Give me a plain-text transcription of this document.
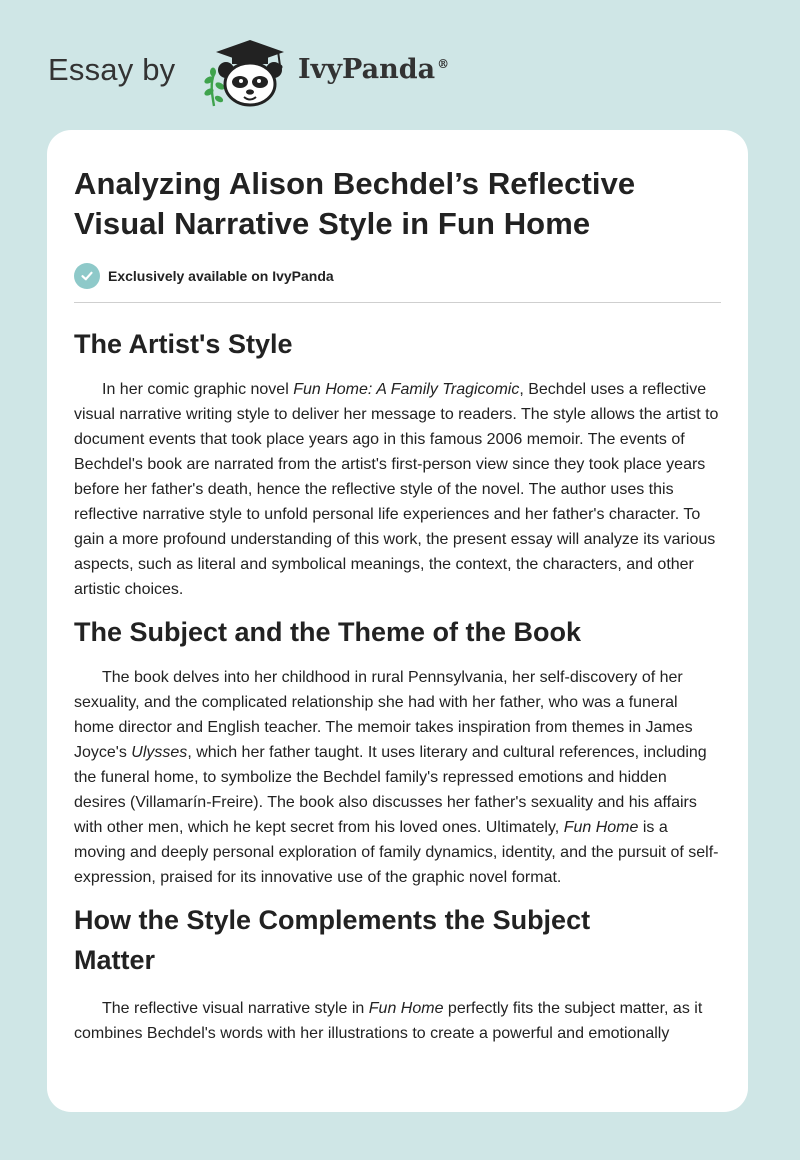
Essay by	IvyPanda ®
Analyzing Alison Bechdel’s Reflective
Visual Narrative Style in Fun Home
Exclusively available on IvyPanda
The Artist's Style

In her comic graphic novel Fun Home: A Family Tragicomic, Bechdel uses a reflective visual narrative writing style to deliver her message to readers. The style allows the artist to document events that took place years ago in this famous 2006 memoir. The events of Bechdel's book are narrated from the artist's first-person view since they took place years before her father's death, hence the reflective style of the novel. The author uses this reflective narrative style to unfold personal life experiences and her father's character. To gain a more profound understanding of this work, the present essay will analyze its various aspects, such as literal and symbolical meanings, the context, the characters, and other artistic choices.

The Subject and the Theme of the Book

The book delves into her childhood in rural Pennsylvania, her self-discovery of her sexuality, and the complicated relationship she had with her father, who was a funeral home director and English teacher. The memoir takes inspiration from themes in James Joyce's Ulysses, which her father taught. It uses literary and cultural references, including the funeral home, to symbolize the Bechdel family's repressed emotions and hidden desires (Villamarín-Freire). The book also discusses her father's sexuality and his affairs with other men, which he kept secret from his loved ones. Ultimately, Fun Home is a moving and deeply personal exploration of family dynamics, identity, and the pursuit of self-expression, praised for its innovative use of the graphic novel format.

How the Style Complements the Subject
Matter

The reflective visual narrative style in Fun Home perfectly fits the subject matter, as it combines Bechdel's words with her illustrations to create a powerful and emotionally
